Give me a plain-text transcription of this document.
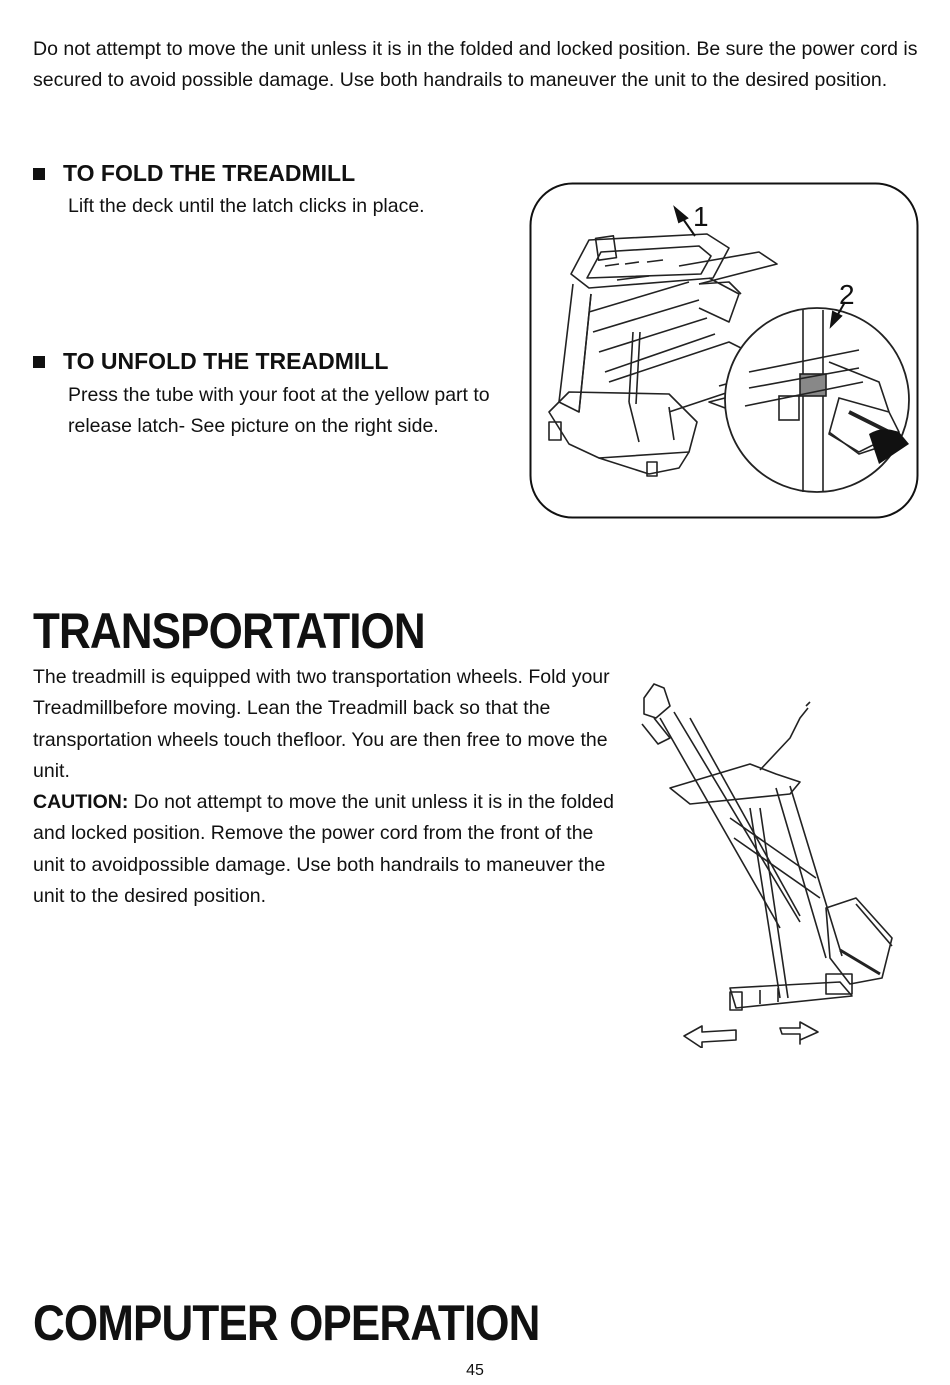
Do not attempt to move the unit unless it is in the folded and locked position. Be sure the power cord is secured to avoid possible damage. Use both handrails to maneuver the unit to the desired position.

TO FOLD THE TREADMILL

Lift the deck until the latch clicks in place.

TO UNFOLD THE TREADMILL

Press the tube with your foot at the yellow part to release latch- See picture on the right side.

1
2
TRANSPORTATION

The treadmill is equipped with two transportation wheels. Fold your Treadmillbefore moving. Lean the Treadmill back so that the transportation wheels touch thefloor. You are then free to move the unit.
CAUTION: Do not attempt to move the unit unless it is in the folded and locked position. Remove the power cord from the front of the unit to avoidpossible damage. Use both handrails to maneuver the unit to the desired position.

COMPUTER OPERATION
45
